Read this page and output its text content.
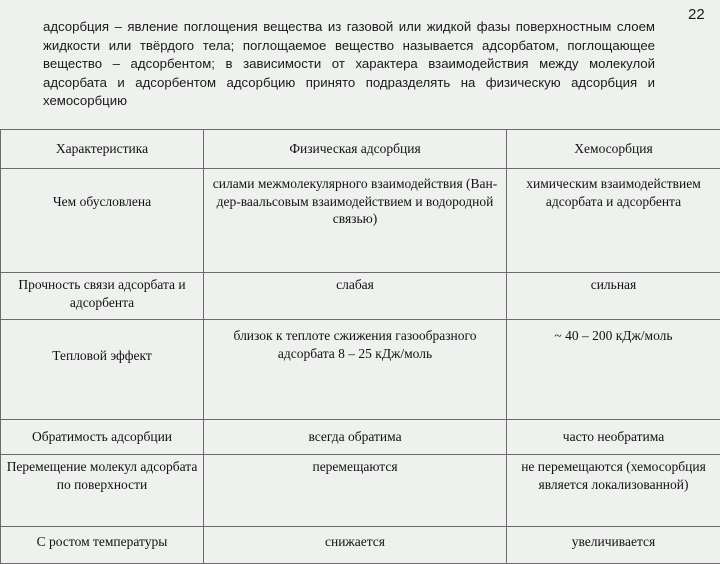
22
адсорбция – явление поглощения вещества из газовой или жидкой фазы поверхностным слоем жидкости или твёрдого тела; поглощаемое вещество называется адсорбатом, поглощающее вещество – адсорбентом; в зависимости от характера взаимодействия между молекулой адсорбата и адсорбентом адсорбцию принято подразделять на физическую адсорбция и хемосорбцию
Характеристика	Физическая адсорбция	Хемосорбция
Чем обусловлена	силами межмолекулярного взаимодействия (Ван-дер-ваальсовым взаимодействием и водородной связью)	химическим взаимодействием адсорбата и адсорбента
Прочность связи адсорбата и адсорбента	слабая	сильная
Тепловой эффект	близок к теплоте сжижения газообразного адсорбата 8 – 25 кДж/моль	~ 40 – 200 кДж/моль
Обратимость адсорбции	всегда обратима	часто необратима
Перемещение молекул адсорбата по поверхности	перемещаются	не перемещаются (хемосорбция является локализованной)
С ростом температуры	снижается	увеличивается
